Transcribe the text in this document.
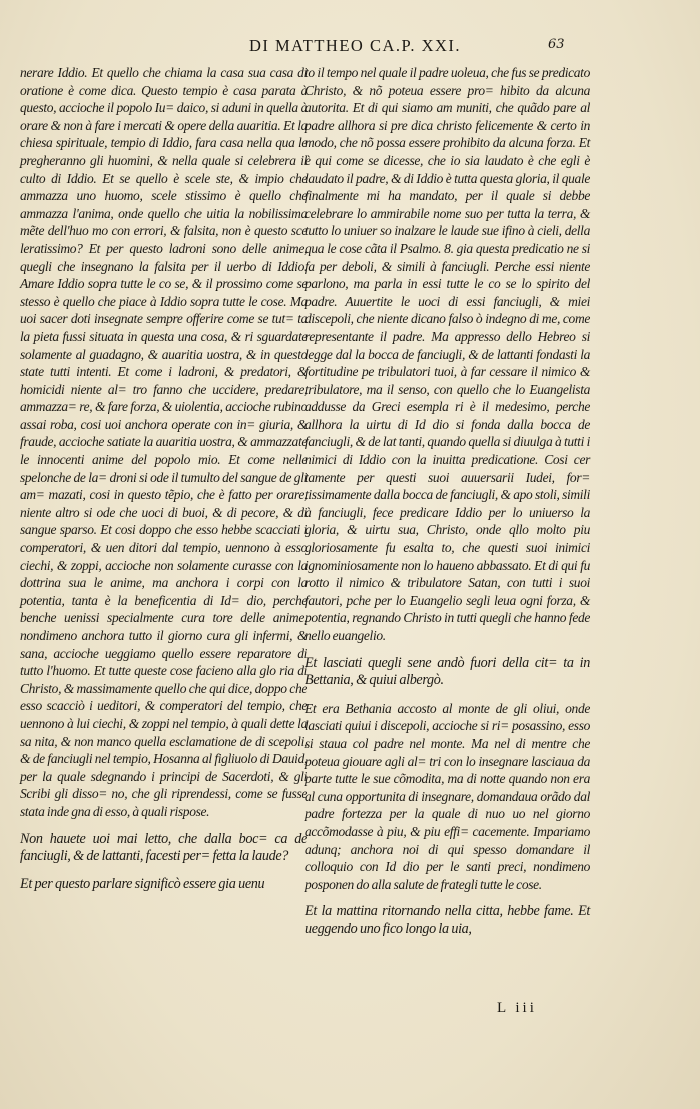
DI MATTHEO CA.P. XXI.	63

nerare Iddio. Et quello che chiama la casa sua casa di oratione è come dica. Questo tempio è casa parata à questo, accioche il popolo Iu= daico, si aduni in quella à orare & non à fare i mercati & opere della auaritia. Et la chiesa spirituale, tempio di Iddio, fara casa nella qua le pregheranno gli huomini, & nella quale si celebrera il culto di Iddio. Et se quello è scele ste, & impio che ammazza uno huomo, scele stissimo è quello che ammazza l'anima, onde quello che uitia la nobilissima mẽte dell'huo mo con errori, & falsita, non è questo sce leratissimo? Et per questo ladroni sono delle anime, quegli che insegnano la falsita per il uerbo di Iddio. Amare Iddio sopra tutte le co se, & il prossimo come se stesso è quello che piace à Iddio sopra tutte le cose. Ma uoi sacer doti insegnate sempre offerire come se tut= ta la pieta fussi situata in questa una cosa, & ri sguardate solamente al guadagno, & auaritia uostra, & in questo state tutti intenti. Et come i ladroni, & predatori, & homicidi niente al= tro fanno che uccidere, predare, ammazza= re, & fare forza, & uiolentia, accioche rubino assai roba, cosi uoi anchora operate con in= giuria, & fraude, accioche satiate la auaritia uostra, & ammazzate le innocenti anime del popolo mio. Et come nelle spelonche de la= droni si ode il tumulto del sangue de gli am= mazati, cosi in questo tẽpio, che è fatto per orare, niente altro si ode che uoci di buoi, & di pecore, & di sangue sparso. Et cosi doppo che esso hebbe scacciati i comperatori, & uen ditori dal tempio, uennono à esso ciechi, & zoppi, accioche non solamente curasse con la dottrina sua le anime, ma anchora i corpi con la potentia, tanta è la beneficentia di Id= dio, perche benche uenissi specialmente cura tore delle anime, nondimeno anchora tutto il giorno cura gli infermi, & sana, accioche ueggiamo quello essere reparatore di tutto l'huomo. Et tutte queste cose facieno alla glo ria di Christo, & massimamente quello che qui dice, doppo che esso scacciò i ueditori, & comperatori del tempio, che uennono à lui ciechi, & zoppi nel tempio, à quali dette la sa nita, & non manco quella esclamatione de di scepoli, & de fanciugli nel tempio, Hosanna al figliuolo di Dauid, per la quale sdegnando i principi de Sacerdoti, & gli Scribi gli disso= no, che gli riprendessi, come se fusse stata inde gna di esso, à quali rispose.

Non hauete uoi mai letto, che dalla boc= ca de fanciugli, & de lattanti, facesti per= fetta la laude?

Et per questo parlare significò essere gia uenu

to il tempo nel quale il padre uoleua, che fus se predicato Christo, & nõ poteua essere pro= hibito da alcuna autorita. Et di qui siamo am muniti, che quãdo pare al padre allhora si pre dica christo felicemente & certo in modo, che nõ possa essere prohibito da alcuna forza. Et è qui come se dicesse, che io sia laudato è che egli è laudato il padre, & di Iddio è tutta questa gloria, il quale finalmente mi ha mandato, per il quale si debbe celebrare lo ammirabile nome suo per tutta la terra, & tutto lo uniuer so inalzare le laude sue ifino à cieli, della qua le cose cãta il Psalmo. 8. gia questa predicatio ne si fa per deboli, & simili à fanciugli. Perche essi niente parlono, ma parla in essi tutte le co se lo spirito del padre. Auuertite le uoci di essi fanciugli, & miei discepoli, che niente dicano falso ò indegno di me, come representante il padre. Ma appresso dello Hebreo si legge dal la bocca de fanciugli, & de lattanti fondasti la fortitudine pe tribulatori tuoi, à far cessare il nimico & tribulatore, ma il senso, con quello che lo Euangelista addusse da Greci esempla ri è il medesimo, perche allhora la uirtu di Id dio si fonda dalla bocca de fanciugli, & de lat tanti, quando quella si diuulga à tutti i nimici di Iddio con la inuitta predicatione. Cosi cer tamente per questi suoi auuersarii Iudei, for= tissimamente dalla bocca de fanciugli, & apo stoli, simili à fanciugli, fece predicare Iddio per lo uniuerso la gloria, & uirtu sua, Christo, onde qllo molto piu gloriosamente fu esalta to, che questi suoi inimici ignominiosamente non lo haueno abbassato. Et di qui fu rotto il nimico & tribulatore Satan, con tutti i suoi fautori, pche per lo Euangelio segli leua ogni forza, & potentia, regnando Christo in tutti quegli che hanno fede nello euangelio.

Et lasciati quegli sene andò fuori della cit= ta in Bettania, & quiui albergò.

Et era Bethania accosto al monte de gli oliui, onde lasciati quiui i discepoli, accioche si ri= posassino, esso si staua col padre nel monte. Ma nel di mentre che poteua giouare agli al= tri con lo insegnare lasciaua da parte tutte le sue cõmodita, ma di notte quando non era al cuna opportunita di insegnare, domandaua orãdo dal padre fortezza per la quale di nuo uo nel giorno accõmodasse à piu, & piu effi= cacemente. Impariamo adunq; anchora noi di qui spesso domandare il colloquio con Id dio per le santi preci, nondimeno posponen do alla salute de frategli tutte le cose.

Et la mattina ritornando nella citta, hebbe fame. Et ueggendo uno fico longo la uia,

L iii
